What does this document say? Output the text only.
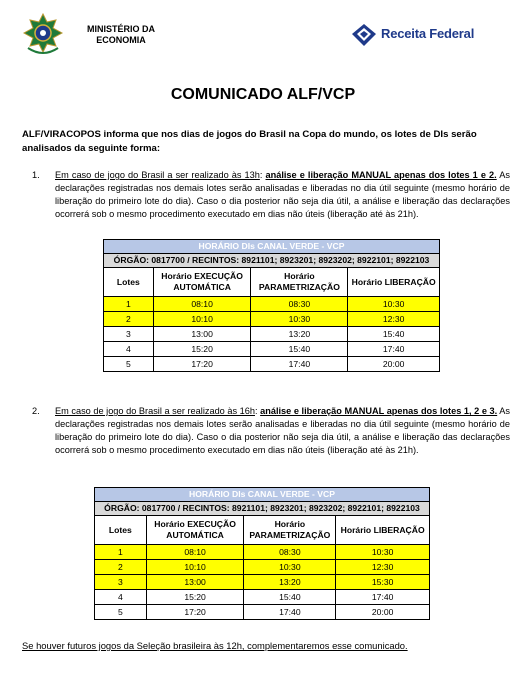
MINISTÉRIO DA
ECONOMIA	Receita Federal
COMUNICADO ALF/VCP
ALF/VIRACOPOS informa que nos dias de jogos do Brasil na Copa do mundo, os lotes de DIs serão analisados da seguinte forma:
1. Em caso de jogo do Brasil a ser realizado às 13h: análise e liberação MANUAL apenas dos lotes 1 e 2. As declarações registradas nos demais lotes serão analisadas e liberadas no dia útil seguinte (mesmo horário de liberação do primeiro lote do dia). Caso o dia posterior não seja dia útil, a análise e liberação das declarações ocorrerá sob o mesmo procedimento executado em dias não úteis (liberação até às 21h).
HORÁRIO DIs CANAL VERDE - VCP			
ÓRGÃO: 0817700 / RECINTOS: 8921101; 8923201; 8923202; 8922101; 8922103			
Lotes	Horário EXECUÇÃO AUTOMÁTICA	Horário PARAMETRIZAÇÃO	Horário LIBERAÇÃO
1	08:10	08:30	10:30
2	10:10	10:30	12:30
3	13:00	13:20	15:40
4	15:20	15:40	17:40
5	17:20	17:40	20:00
2. Em caso de jogo do Brasil a ser realizado às 16h: análise e liberação MANUAL apenas dos lotes 1, 2 e 3. As declarações registradas nos demais lotes serão analisadas e liberadas no dia útil seguinte (mesmo horário de liberação do primeiro lote do dia). Caso o dia posterior não seja dia útil, a análise e liberação das declarações ocorrerá sob o mesmo procedimento executado em dias não úteis (liberação até às 21h).
HORÁRIO DIs CANAL VERDE - VCP			
ÓRGÃO: 0817700 / RECINTOS: 8921101; 8923201; 8923202; 8922101; 8922103			
Lotes	Horário EXECUÇÃO AUTOMÁTICA	Horário PARAMETRIZAÇÃO	Horário LIBERAÇÃO
1	08:10	08:30	10:30
2	10:10	10:30	12:30
3	13:00	13:20	15:30
4	15:20	15:40	17:40
5	17:20	17:40	20:00
Se houver futuros jogos da Seleção brasileira às 12h, complementaremos esse comunicado.
